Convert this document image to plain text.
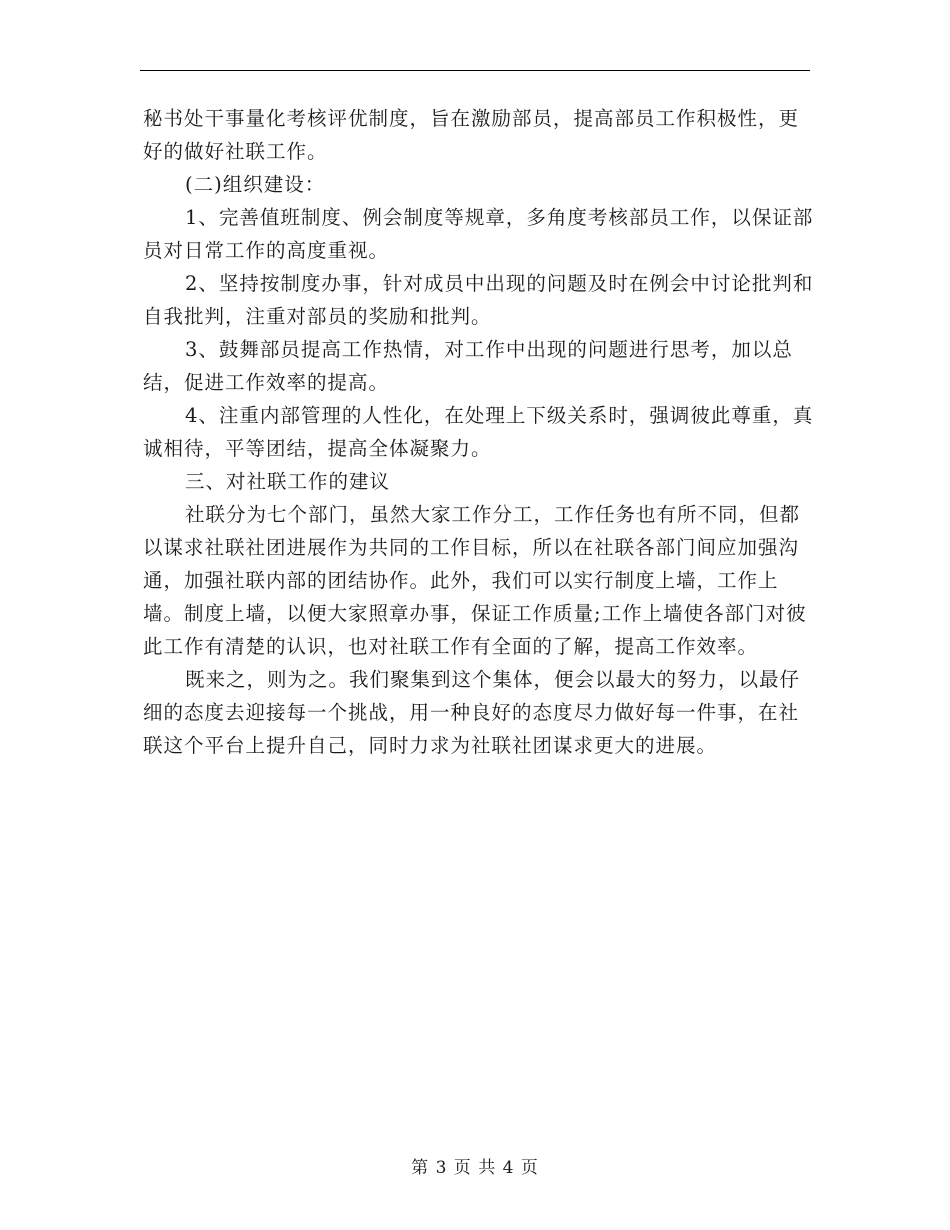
秘书处干事量化考核评优制度，旨在激励部员，提高部员工作积极性，更好的做好社联工作。

(二)组织建设：

1、完善值班制度、例会制度等规章，多角度考核部员工作，以保证部员对日常工作的高度重视。

2、坚持按制度办事，针对成员中出现的问题及时在例会中讨论批判和自我批判，注重对部员的奖励和批判。

3、鼓舞部员提高工作热情，对工作中出现的问题进行思考，加以总结，促进工作效率的提高。

4、注重内部管理的人性化，在处理上下级关系时，强调彼此尊重，真诚相待，平等团结，提高全体凝聚力。

三、对社联工作的建议

社联分为七个部门，虽然大家工作分工，工作任务也有所不同，但都以谋求社联社团进展作为共同的工作目标，所以在社联各部门间应加强沟通，加强社联内部的团结协作。此外，我们可以实行制度上墙，工作上墙。制度上墙，以便大家照章办事，保证工作质量;工作上墙使各部门对彼此工作有清楚的认识，也对社联工作有全面的了解，提高工作效率。

既来之，则为之。我们聚集到这个集体，便会以最大的努力，以最仔细的态度去迎接每一个挑战，用一种良好的态度尽力做好每一件事，在社联这个平台上提升自己，同时力求为社联社团谋求更大的进展。

第 3 页 共 4 页
